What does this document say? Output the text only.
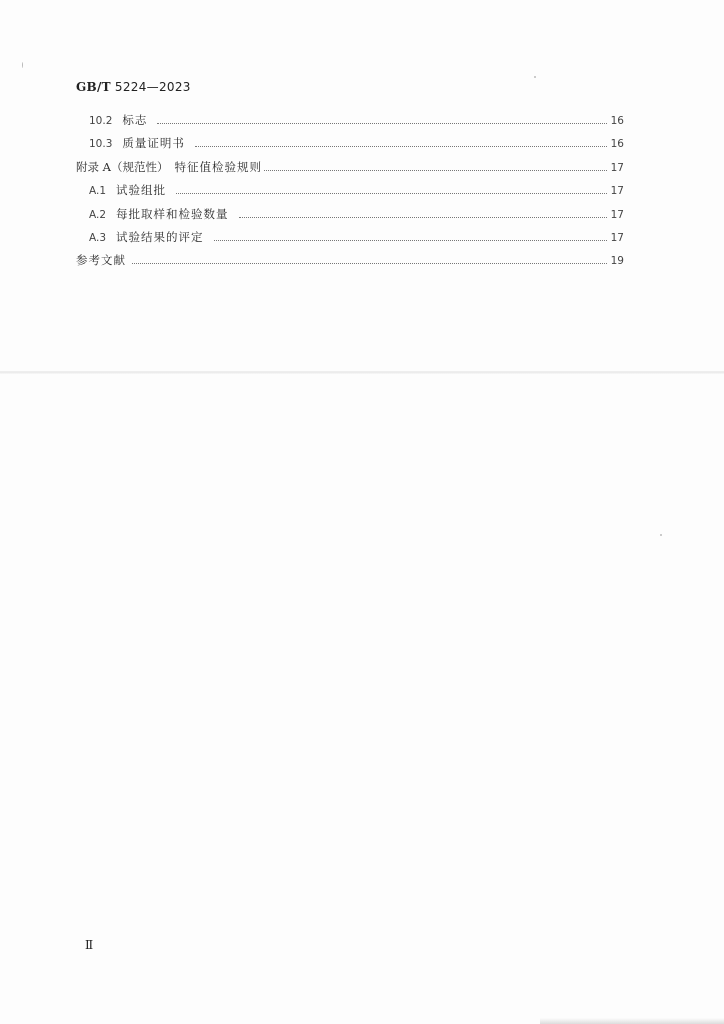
GB/T 5224—2023
10.2 标志	16
10.3 质量证明书	16
附录 A（规范性） 特征值检验规则	17
A.1 试验组批	17
A.2 每批取样和检验数量	17
A.3 试验结果的评定	17
参考文献	19
Ⅱ
